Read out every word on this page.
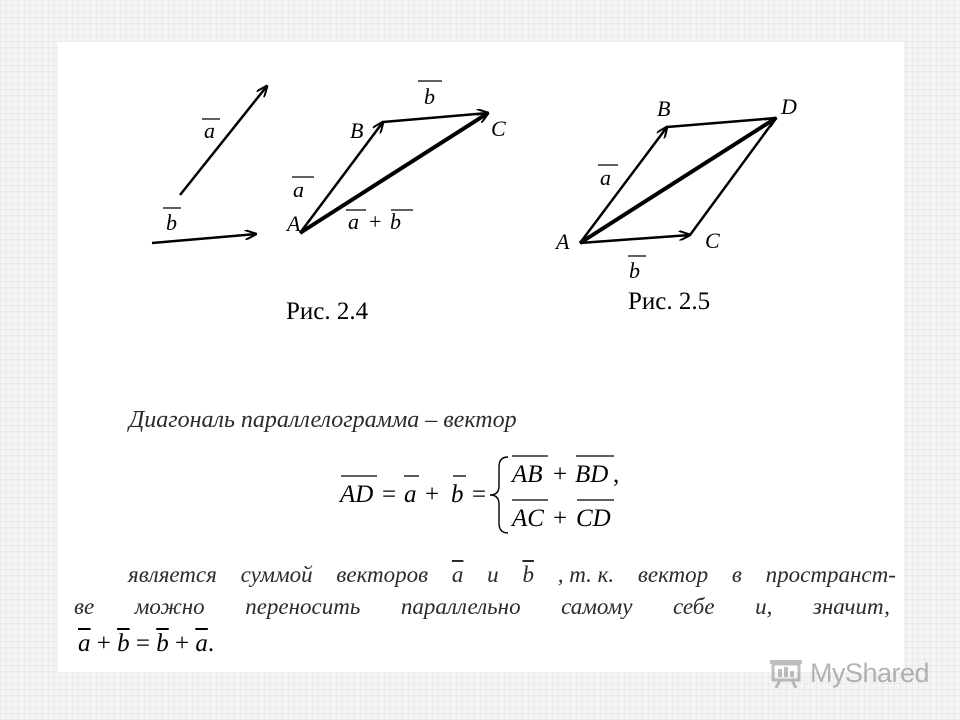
a
b
B	C
A
a
b
a + b
Рис. 2.4
B	D
A	C
a
b
Рис. 2.5
AD = a + b =
AB + BD ,
AC + CD
Диагональ параллелограмма – вектор
является суммой векторов $\overline{a}$ и $\overline{b}$ , т. к. вектор в пространст-
ве можно переносить параллельно самому себе и, значит,
$\overline{a} + \overline{b} = \overline{b} + \overline{a}$.
MyShared
